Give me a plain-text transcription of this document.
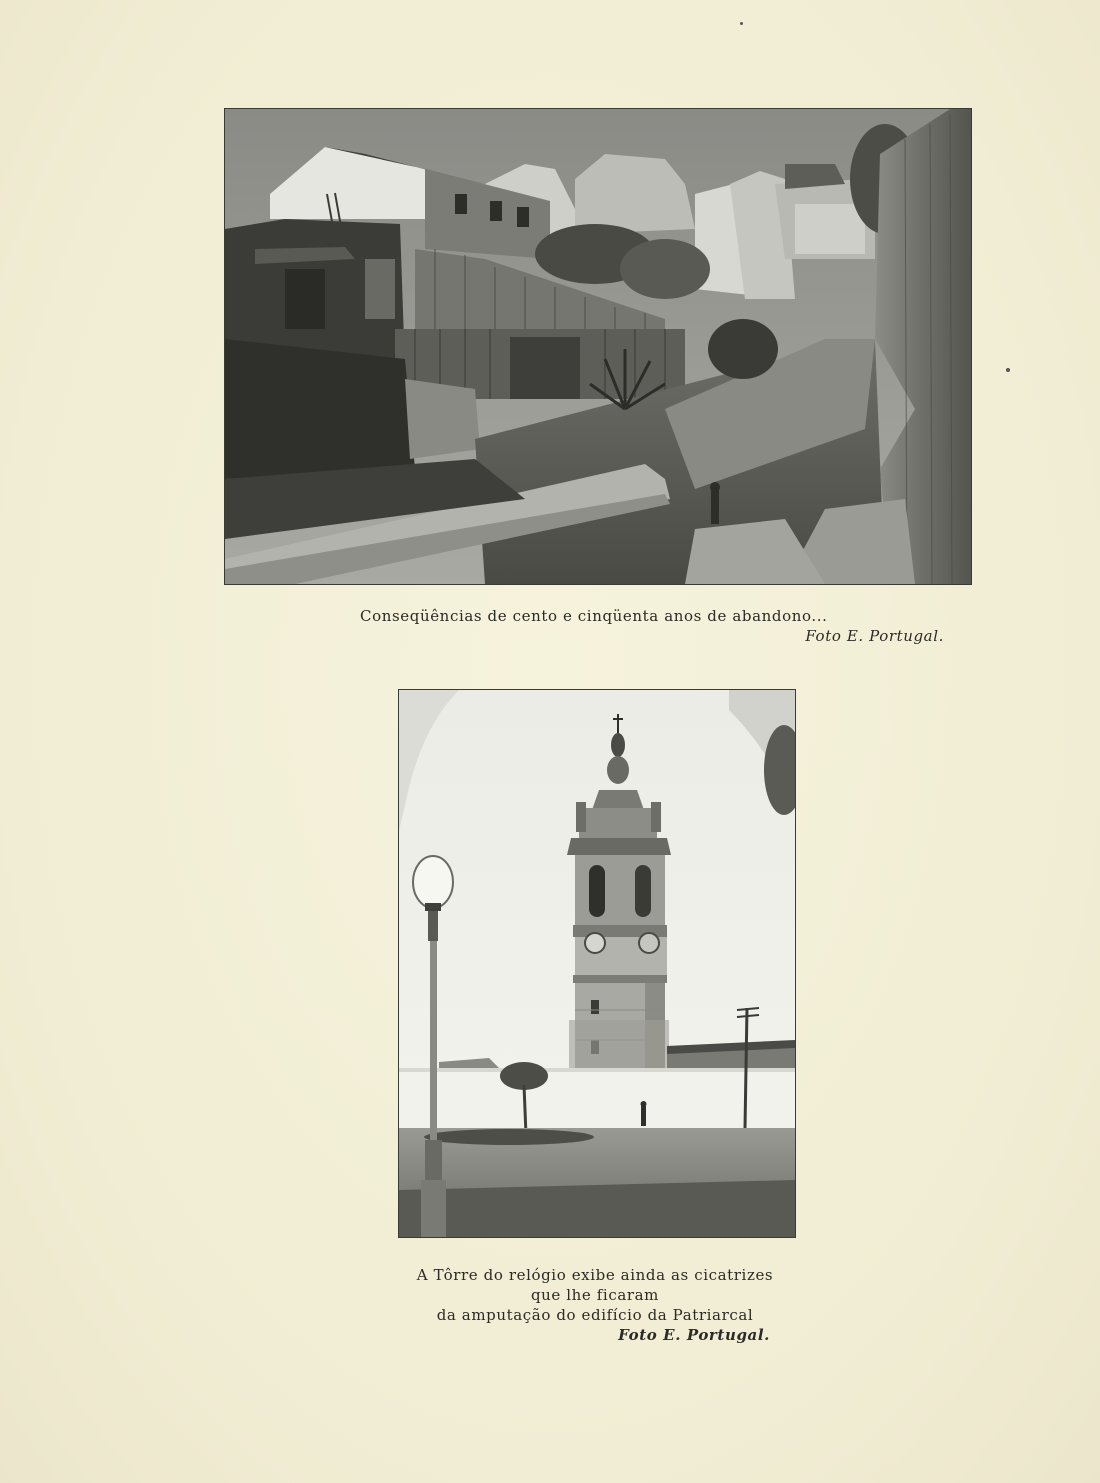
Conseqüências de cento e cinqüenta anos de abandono...
Foto E. Portugal.
A Tôrre do relógio exibe ainda as cicatrizes
que lhe ficaram
da amputação do edifício da Patriarcal
Foto E. Portugal.
